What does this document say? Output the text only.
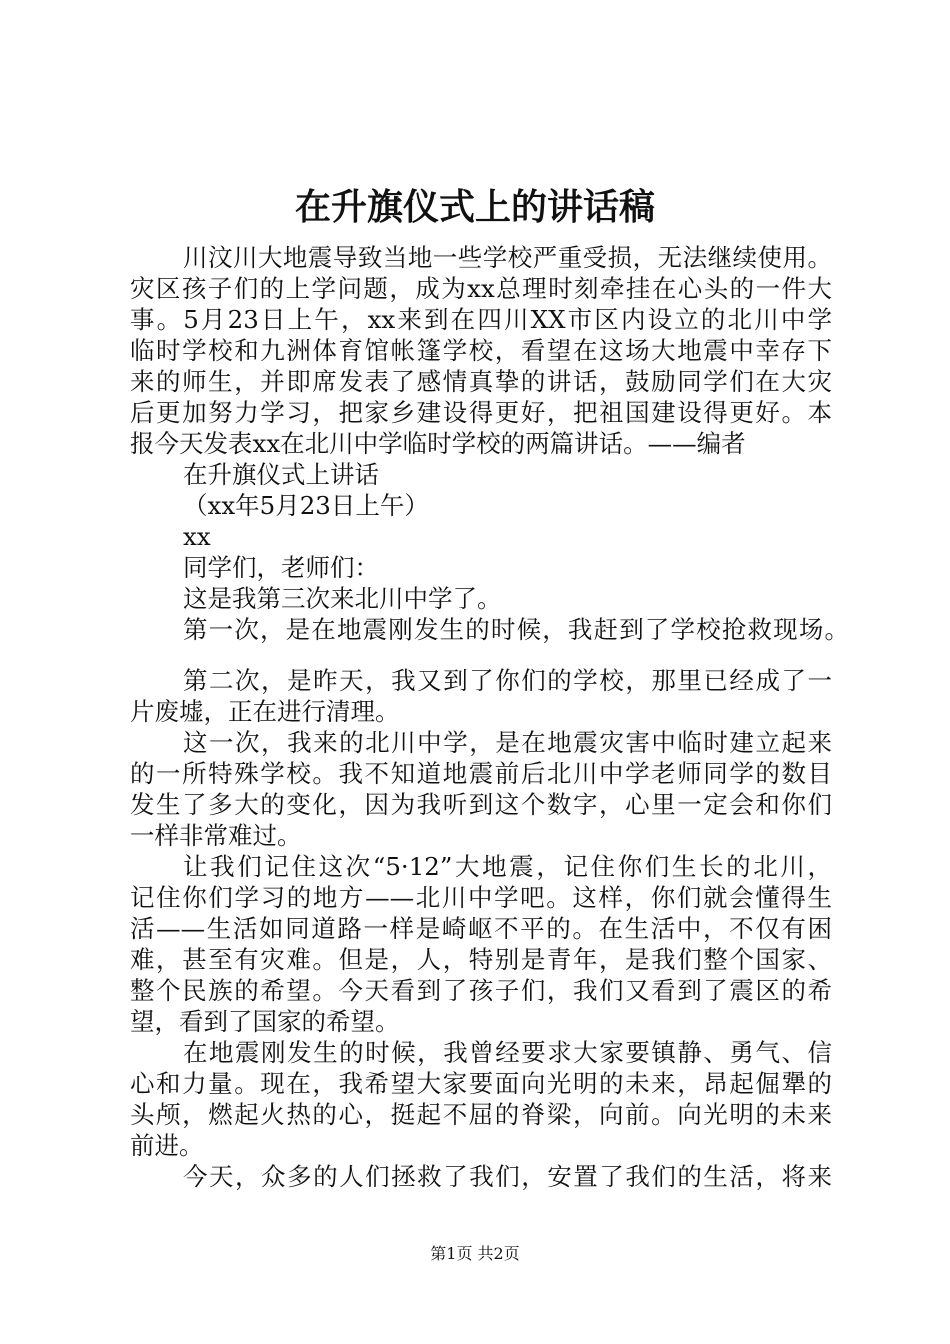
在升旗仪式上的讲话稿
川汶川大地震导致当地一些学校严重受损，无法继续使用。
灾区孩子们的上学问题，成为xx总理时刻牵挂在心头的一件大
事。5月23日上午，xx来到在四川XX市区内设立的北川中学
临时学校和九洲体育馆帐篷学校，看望在这场大地震中幸存下
来的师生，并即席发表了感情真挚的讲话，鼓励同学们在大灾
后更加努力学习，把家乡建设得更好，把祖国建设得更好。本
报今天发表xx在北川中学临时学校的两篇讲话。——编者
在升旗仪式上讲话
（xx年5月23日上午）
xx
同学们，老师们：
这是我第三次来北川中学了。
第一次，是在地震刚发生的时候，我赶到了学校抢救现场。
第二次，是昨天，我又到了你们的学校，那里已经成了一
片废墟，正在进行清理。
这一次，我来的北川中学，是在地震灾害中临时建立起来
的一所特殊学校。我不知道地震前后北川中学老师同学的数目
发生了多大的变化，因为我听到这个数字，心里一定会和你们
一样非常难过。
让我们记住这次“5·12”大地震，记住你们生长的北川，
记住你们学习的地方——北川中学吧。这样，你们就会懂得生
活——生活如同道路一样是崎岖不平的。在生活中，不仅有困
难，甚至有灾难。但是，人，特别是青年，是我们整个国家、
整个民族的希望。今天看到了孩子们，我们又看到了震区的希
望，看到了国家的希望。
在地震刚发生的时候，我曾经要求大家要镇静、勇气、信
心和力量。现在，我希望大家要面向光明的未来，昂起倔犟的
头颅，燃起火热的心，挺起不屈的脊梁，向前。向光明的未来
前进。
今天，众多的人们拯救了我们，安置了我们的生活，将来
第1页 共2页
